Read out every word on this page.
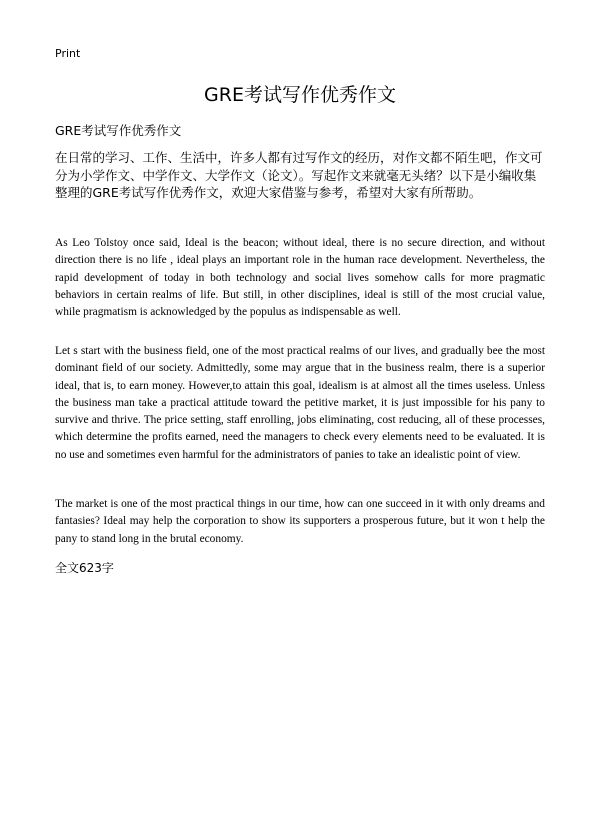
Print
GRE考试写作优秀作文
GRE考试写作优秀作文
在日常的学习、工作、生活中，许多人都有过写作文的经历，对作文都不陌生吧，作文可分为小学作文、中学作文、大学作文（论文）。写起作文来就毫无头绪？以下是小编收集整理的GRE考试写作优秀作文，欢迎大家借鉴与参考，希望对大家有所帮助。
As Leo Tolstoy once said, Ideal is the beacon; without ideal, there is no secure direction, and without direction there is no life , ideal plays an important role in the human race development. Nevertheless, the rapid development of today in both technology and social lives somehow calls for more pragmatic behaviors in certain realms of life. But still, in other disciplines, ideal is still of the most crucial value, while pragmatism is acknowledged by the populus as indispensable as well.
Let s start with the business field, one of the most practical realms of our lives, and gradually bee the most dominant field of our society. Admittedly, some may argue that in the business realm, there is a superior ideal, that is, to earn money. However,to attain this goal, idealism is at almost all the times useless. Unless the business man take a practical attitude toward the petitive market, it is just impossible for his pany to survive and thrive. The price setting, staff enrolling, jobs eliminating, cost reducing, all of these processes, which determine the profits earned, need the managers to check every elements need to be evaluated. It is no use and sometimes even harmful for the administrators of panies to take an idealistic point of view.
The market is one of the most practical things in our time, how can one succeed in it with only dreams and fantasies? Ideal may help the corporation to show its supporters a prosperous future, but it won t help the pany to stand long in the brutal economy.
全文623字
